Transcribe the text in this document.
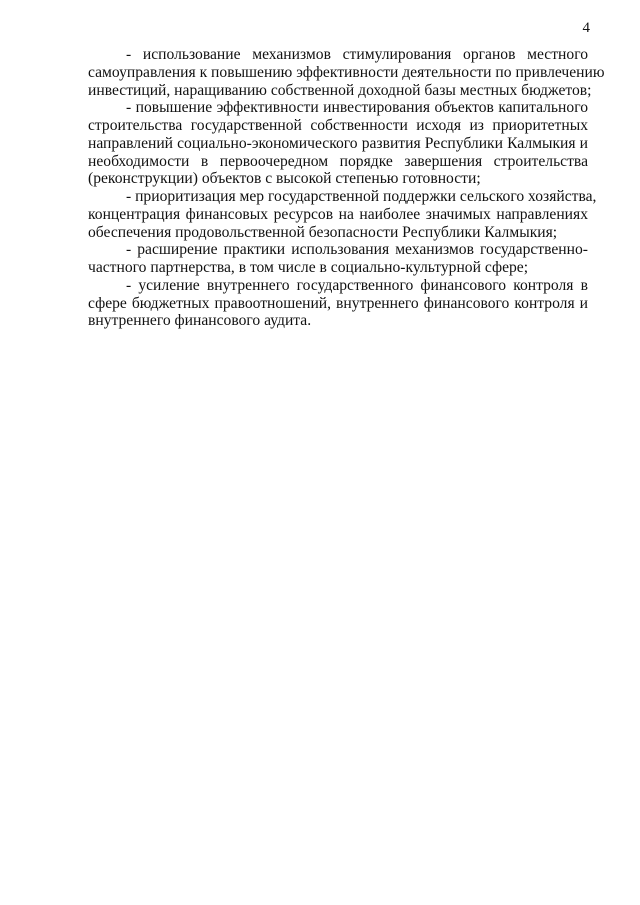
4
- использование механизмов стимулирования органов местного
самоуправления к повышению эффективности деятельности по привлечению
инвестиций, наращиванию собственной доходной базы местных бюджетов;
- повышение эффективности инвестирования объектов капитального
строительства государственной собственности исходя из приоритетных
направлений социально-экономического развития Республики Калмыкия и
необходимости в первоочередном порядке завершения строительства
(реконструкции) объектов с высокой степенью готовности;
- приоритизация мер государственной поддержки сельского хозяйства,
концентрация финансовых ресурсов на наиболее значимых направлениях
обеспечения продовольственной безопасности Республики Калмыкия;
- расширение практики использования механизмов государственно-
частного партнерства, в том числе в социально-культурной сфере;
- усиление внутреннего государственного финансового контроля в
сфере бюджетных правоотношений, внутреннего финансового контроля и
внутреннего финансового аудита.
